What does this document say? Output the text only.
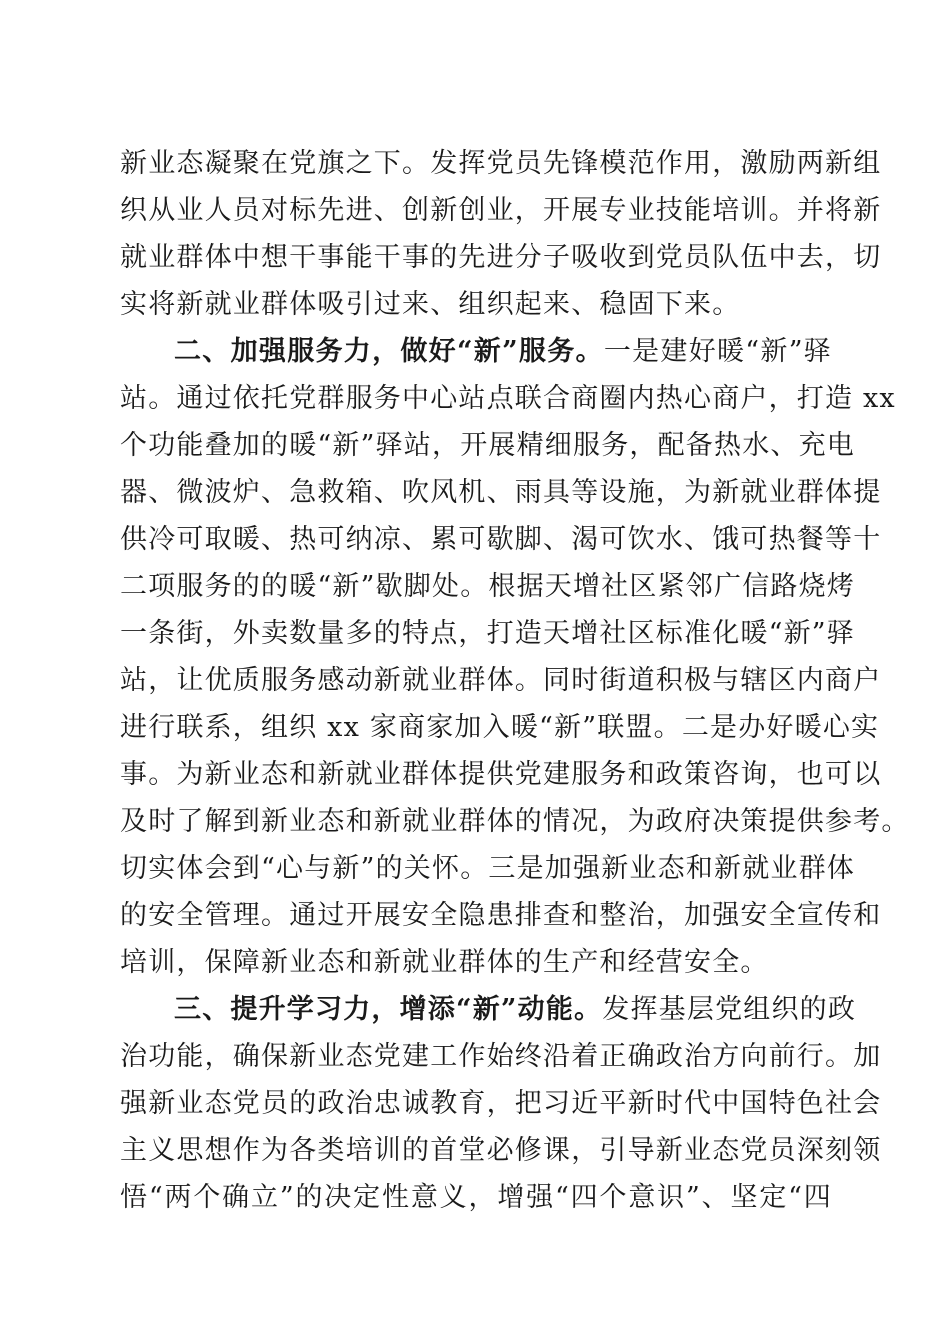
新业态凝聚在党旗之下。发挥党员先锋模范作用，激励两新组
织从业人员对标先进、创新创业，开展专业技能培训。并将新
就业群体中想干事能干事的先进分子吸收到党员队伍中去，切
实将新就业群体吸引过来、组织起来、稳固下来。
二、加强服务力，做好“新”服务。一是建好暖“新”驿
站。通过依托党群服务中心站点联合商圈内热心商户，打造 xx
个功能叠加的暖“新”驿站，开展精细服务，配备热水、充电
器、微波炉、急救箱、吹风机、雨具等设施，为新就业群体提
供冷可取暖、热可纳凉、累可歇脚、渴可饮水、饿可热餐等十
二项服务的的暖“新”歇脚处。根据天增社区紧邻广信路烧烤
一条街，外卖数量多的特点，打造天增社区标准化暖“新”驿
站，让优质服务感动新就业群体。同时街道积极与辖区内商户
进行联系，组织 xx 家商家加入暖“新”联盟。二是办好暖心实
事。为新业态和新就业群体提供党建服务和政策咨询，也可以
及时了解到新业态和新就业群体的情况，为政府决策提供参考。
切实体会到“心与新”的关怀。三是加强新业态和新就业群体
的安全管理。通过开展安全隐患排查和整治，加强安全宣传和
培训，保障新业态和新就业群体的生产和经营安全。
三、提升学习力，增添“新”动能。发挥基层党组织的政
治功能，确保新业态党建工作始终沿着正确政治方向前行。加
强新业态党员的政治忠诚教育，把习近平新时代中国特色社会
主义思想作为各类培训的首堂必修课，引导新业态党员深刻领
悟“两个确立”的决定性意义，增强“四个意识”、坚定“四
